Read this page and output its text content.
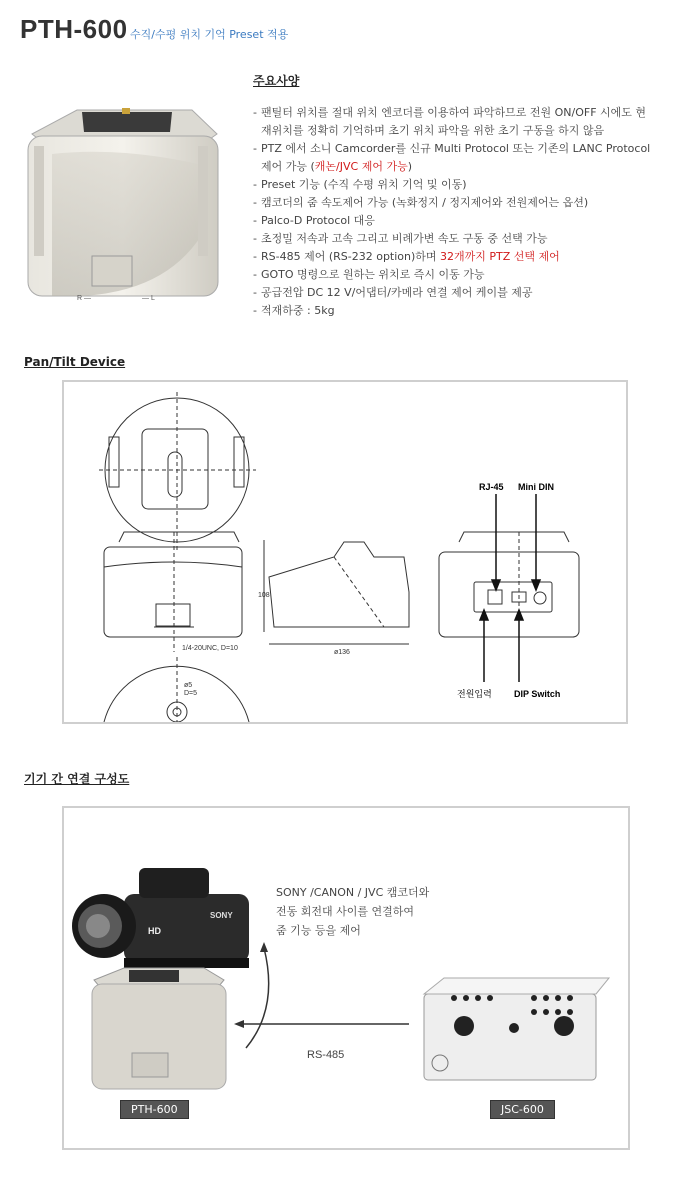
PTH-600 수직/수평 위치 기억 Preset 적용
R —	— L
주요사양
- 팬틸터 위치를 절대 위치 엔코더를 이용하여 파악하므로 전원 ON/OFF 시에도 현재위치를 정확히 기억하며 초기 위치 파악을 위한 초기 구동을 하지 않음
- PTZ 에서 소니 Camcorder를 신규 Multi Protocol 또는 기존의 LANC Protocol 제어 가능 (캐논/JVC 제어 가능)
- Preset 기능 (수직 수평 위치 기억 및 이동)
- 캠코더의 줌 속도제어 가능 (녹화정지 / 정지제어와 전원제어는 옵션)
- Palco-D Protocol 대응
- 초정밀 저속과 고속 그리고 비례가변 속도 구동 중 선택 가능
- RS-485 제어 (RS-232 option)하며 32개까지 PTZ 선택 제어
- GOTO 명령으로 원하는 위치로 즉시 이동 가능
- 공급전압 DC 12 V/어댑터/카메라 연결 제어 케이블 제공
- 적재하중 : 5kg
Pan/Tilt Device
RJ-45 Mini DIN
전원입력 DIP Switch
1/4-20UNC, D=10
108
ø136
ø5
D=5
기기 간 연결 구성도
SONY
HD
RS-485
SONY /CANON / JVC 캠코더와
전동 회전대 사이를 연결하여
줌 기능 등을 제어
PTH-600	JSC-600
